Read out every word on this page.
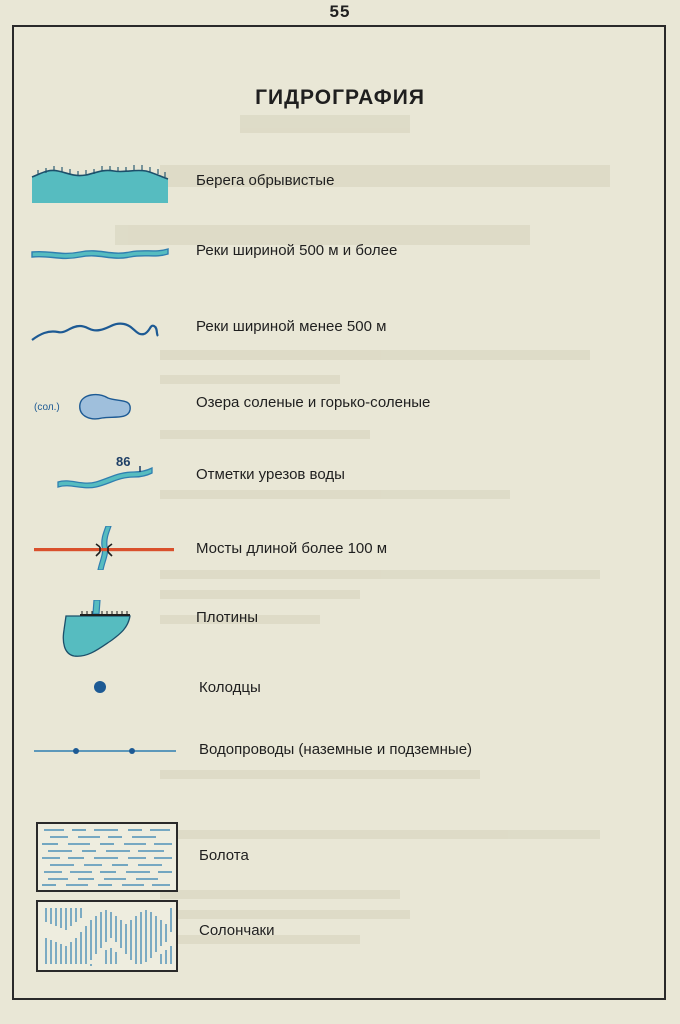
55
ГИДРОГРАФИЯ
Берега обрывистые
Реки шириной 500 м и более
Реки шириной менее 500 м
(сол.)	Озера соленые и горько-соленые
86
Отметки урезов воды
Мосты длиной более 100 м
Плотины
Колодцы
Водопроводы (наземные и подземные)
Болота
Солончаки
